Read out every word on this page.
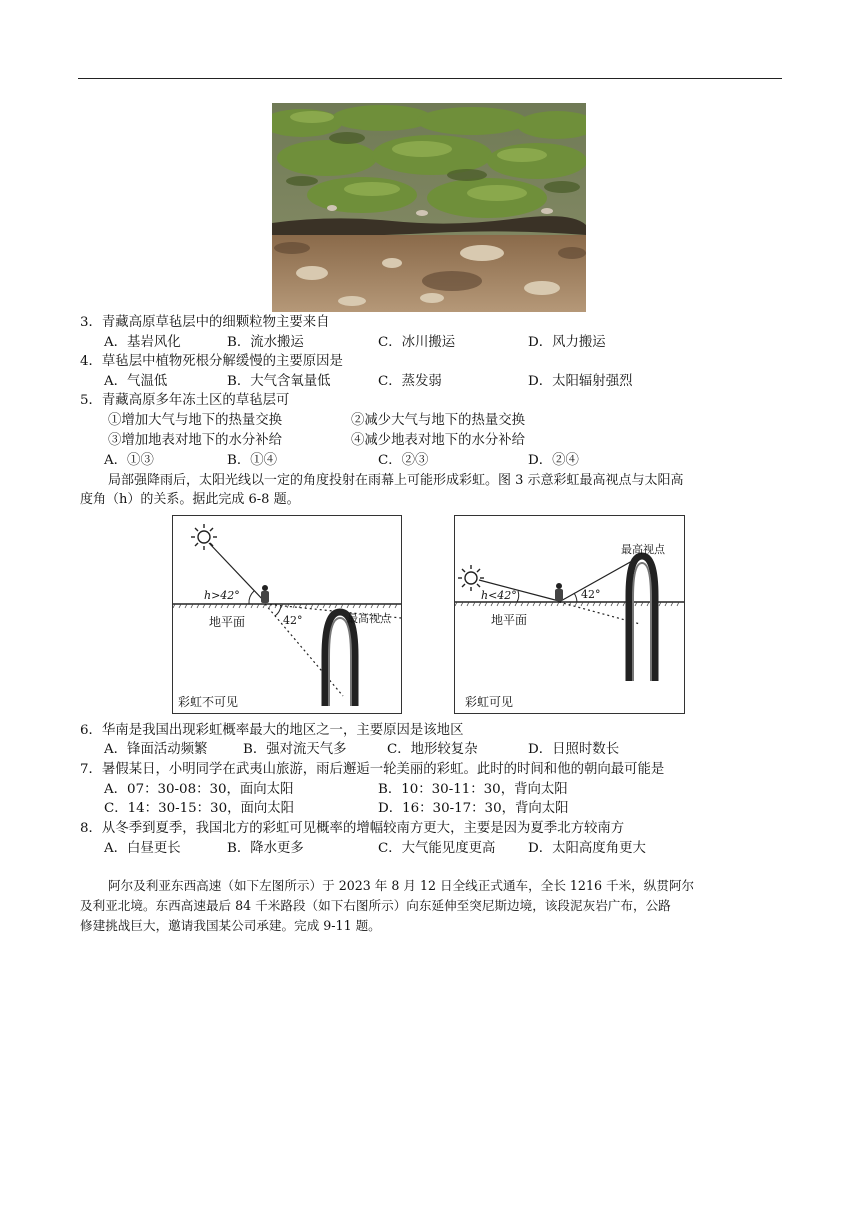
3．青藏高原草毡层中的细颗粒物主要来自
A．基岩风化	B．流水搬运	C．冰川搬运	D．风力搬运
4．草毡层中植物死根分解缓慢的主要原因是
A．气温低	B．大气含氧量低	C．蒸发弱	D．太阳辐射强烈
5．青藏高原多年冻土区的草毡层可
①增加大气与地下的热量交换	②减少大气与地下的热量交换
③增加地表对地下的水分补给	④减少地表对地下的水分补给
A．①③	B．①④	C．②③	D．②④
局部强降雨后，太阳光线以一定的角度投射在雨幕上可能形成彩虹。图 3 示意彩虹最高视点与太阳高
度角（h）的关系。据此完成 6-8 题。
h>42°
42°
地平面	最高视点
彩虹不可见
h<42°	42°
地平面
最高视点
彩虹可见
6．华南是我国出现彩虹概率最大的地区之一，主要原因是该地区
A．锋面活动频繁	B．强对流天气多	C．地形较复杂	D．日照时数长
7．暑假某日，小明同学在武夷山旅游，雨后邂逅一轮美丽的彩虹。此时的时间和他的朝向最可能是
A．07：30-08：30，面向太阳	B．10：30-11：30，背向太阳
C．14：30-15：30，面向太阳	D．16：30-17：30，背向太阳
8．从冬季到夏季，我国北方的彩虹可见概率的增幅较南方更大，主要是因为夏季北方较南方
A．白昼更长	B．降水更多	C．大气能见度更高 D．太阳高度角更大
阿尔及利亚东西高速（如下左图所示）于 2023 年 8 月 12 日全线正式通车，全长 1216 千米，纵贯阿尔
及利亚北境。东西高速最后 84 千米路段（如下右图所示）向东延伸至突尼斯边境，该段泥灰岩广布，公路
修建挑战巨大，邀请我国某公司承建。完成 9-11 题。
